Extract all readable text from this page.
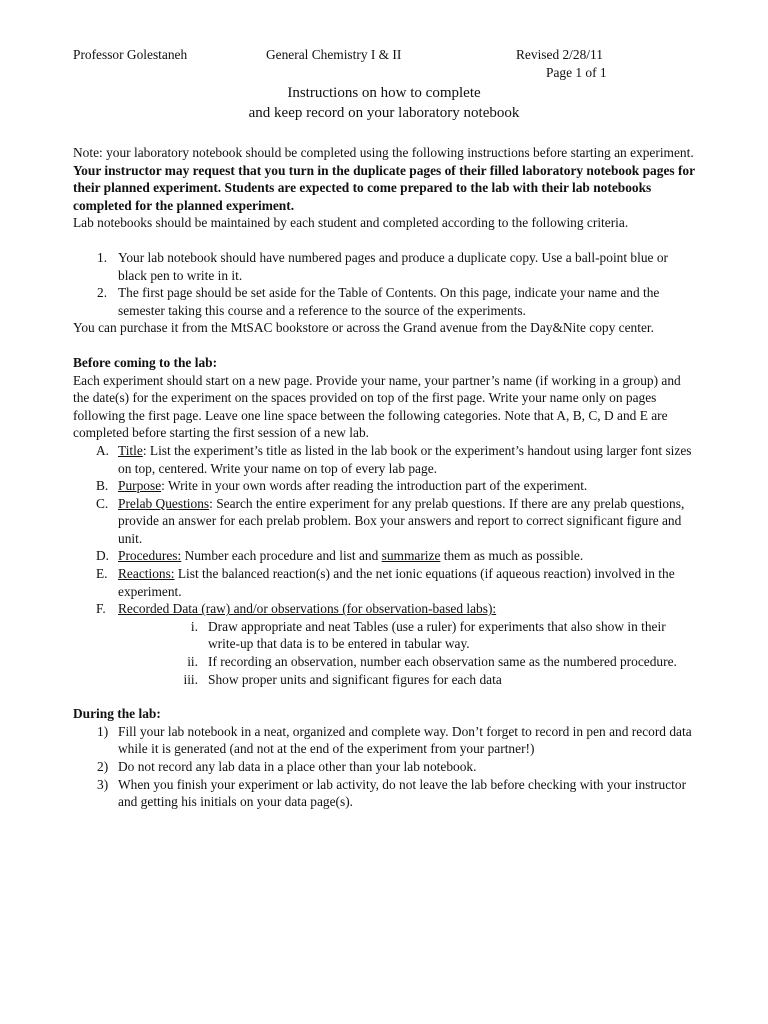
Professor Golestaneh	General Chemistry I & II	Revised 2/28/11
Page 1 of 1
Instructions on how to complete
and keep record on your laboratory notebook

Note: your laboratory notebook should be completed using the following instructions before starting an experiment. Your instructor may request that you turn in the duplicate pages of their filled laboratory notebook pages for their planned experiment. Students are expected to come prepared to the lab with their lab notebooks completed for the planned experiment.

Lab notebooks should be maintained by each student and completed according to the following criteria.

1. Your lab notebook should have numbered pages and produce a duplicate copy. Use a ball-point blue or black pen to write in it.
2. The first page should be set aside for the Table of Contents. On this page, indicate your name and the semester taking this course and a reference to the source of the experiments.

You can purchase it from the MtSAC bookstore or across the Grand avenue from the Day&Nite copy center.

Before coming to the lab:

Each experiment should start on a new page. Provide your name, your partner’s name (if working in a group) and the date(s) for the experiment on the spaces provided on top of the first page. Write your name only on pages following the first page. Leave one line space between the following categories. Note that A, B, C, D and E are completed before starting the first session of a new lab.

A. Title: List the experiment’s title as listed in the lab book or the experiment’s handout using larger font sizes on top, centered. Write your name on top of every lab page.
B. Purpose: Write in your own words after reading the introduction part of the experiment.
C. Prelab Questions: Search the entire experiment for any prelab questions. If there are any prelab questions, provide an answer for each prelab problem. Box your answers and report to correct significant figure and unit.
D. Procedures: Number each procedure and list and summarize them as much as possible.
E. Reactions: List the balanced reaction(s) and the net ionic equations (if aqueous reaction) involved in the experiment.
F. Recorded Data (raw) and/or observations (for observation-based labs):
i. Draw appropriate and neat Tables (use a ruler) for experiments that also show in their write-up that data is to be entered in tabular way.
ii. If recording an observation, number each observation same as the numbered procedure.
iii. Show proper units and significant figures for each data

During the lab:

1) Fill your lab notebook in a neat, organized and complete way. Don’t forget to record in pen and record data while it is generated (and not at the end of the experiment from your partner!)
2) Do not record any lab data in a place other than your lab notebook.
3) When you finish your experiment or lab activity, do not leave the lab before checking with your instructor and getting his initials on your data page(s).
